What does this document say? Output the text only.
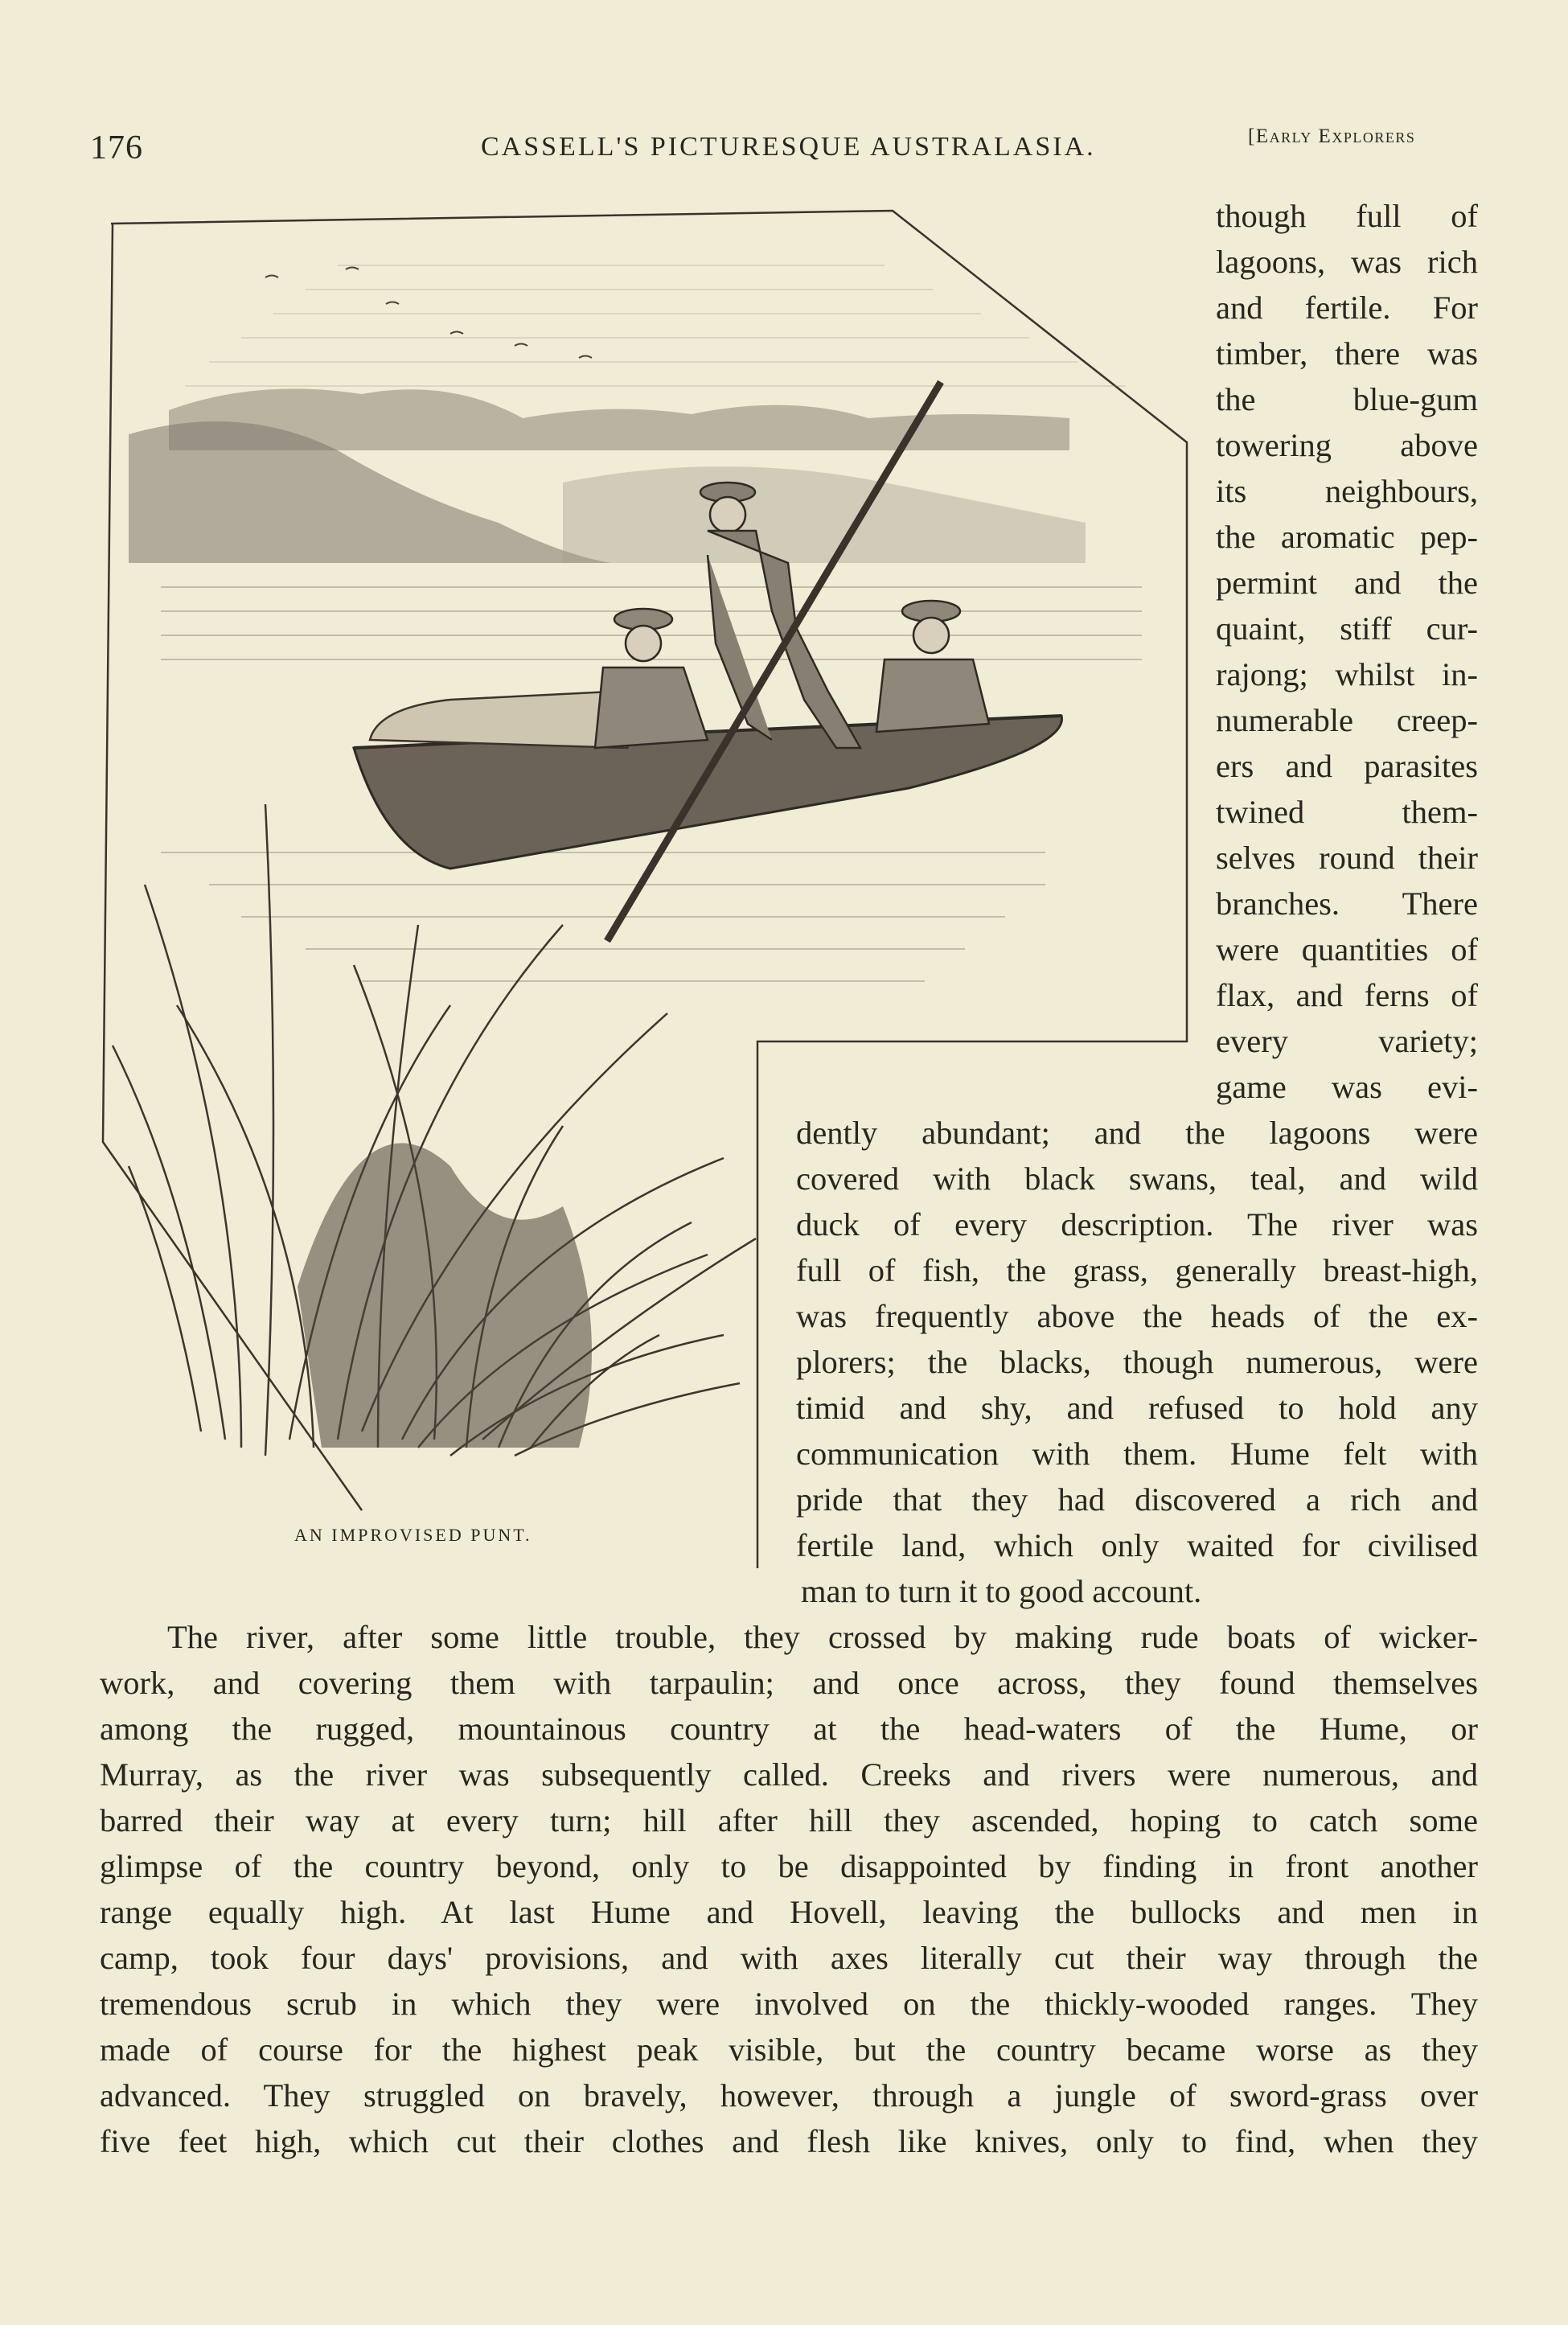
176	CASSELL'S PICTURESQUE AUSTRALASIA.	[Early Explorers
AN IMPROVISED PUNT.
though full of
lagoons, was rich
and fertile. For
timber, there was
the blue-gum
towering above
its neighbours,
the aromatic pep-
permint and the
quaint, stiff cur-
rajong; whilst in-
numerable creep-
ers and parasites
twined them-
selves round their
branches. There
were quantities of
flax, and ferns of
every variety;
game was evi-
dently abundant; and the lagoons were
covered with black swans, teal, and wild
duck of every description. The river was
full of fish, the grass, generally breast-high,
was frequently above the heads of the ex-
plorers; the blacks, though numerous, were
timid and shy, and refused to hold any
communication with them. Hume felt with
pride that they had discovered a rich and
fertile land, which only waited for civilised
man to turn it to good account.
The river, after some little trouble, they crossed by making rude boats of wicker-
work, and covering them with tarpaulin; and once across, they found themselves
among the rugged, mountainous country at the head-waters of the Hume, or
Murray, as the river was subsequently called. Creeks and rivers were numerous, and
barred their way at every turn; hill after hill they ascended, hoping to catch some
glimpse of the country beyond, only to be disappointed by finding in front another
range equally high. At last Hume and Hovell, leaving the bullocks and men in
camp, took four days' provisions, and with axes literally cut their way through the
tremendous scrub in which they were involved on the thickly-wooded ranges. They
made of course for the highest peak visible, but the country became worse as they
advanced. They struggled on bravely, however, through a jungle of sword-grass over
five feet high, which cut their clothes and flesh like knives, only to find, when they
